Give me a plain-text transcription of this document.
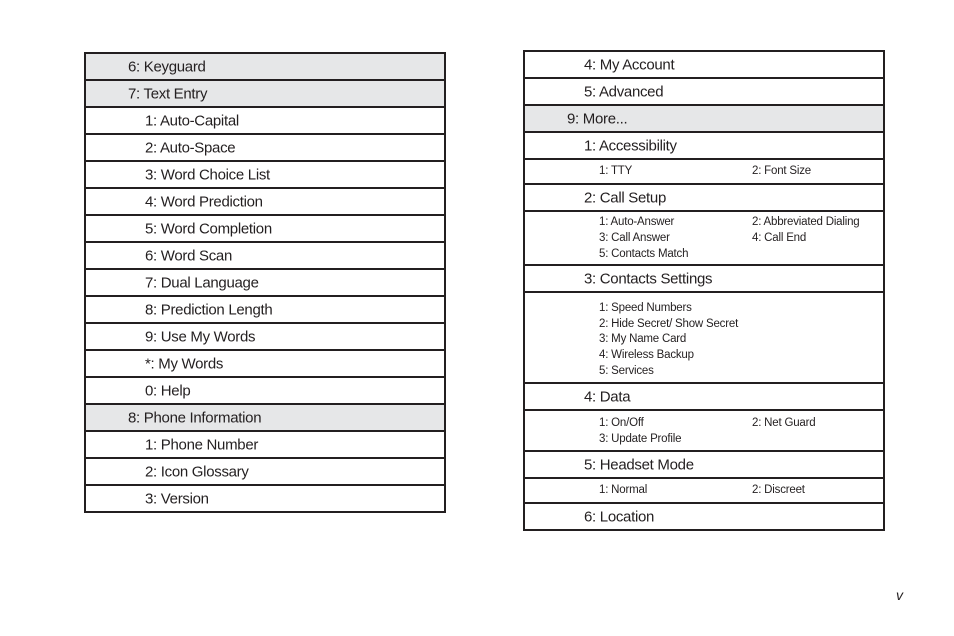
6: Keyguard
7: Text Entry
1: Auto-Capital
2: Auto-Space
3: Word Choice List
4: Word Prediction
5: Word Completion
6: Word Scan
7: Dual Language
8: Prediction Length
9: Use My Words
*: My Words
0: Help
8: Phone Information
1: Phone Number
2: Icon Glossary
3: Version
4: My Account
5: Advanced
9: More...
1: Accessibility
1: TTY	2: Font Size
2: Call Setup
1: Auto-Answer	2: Abbreviated Dialing
3: Call Answer	4: Call End
5: Contacts Match
3: Contacts Settings
1: Speed Numbers
2: Hide Secret/ Show Secret
3: My Name Card
4: Wireless Backup
5: Services
4: Data
1: On/Off	2: Net Guard
3: Update Profile
5: Headset Mode
1: Normal	2: Discreet
6: Location
v
